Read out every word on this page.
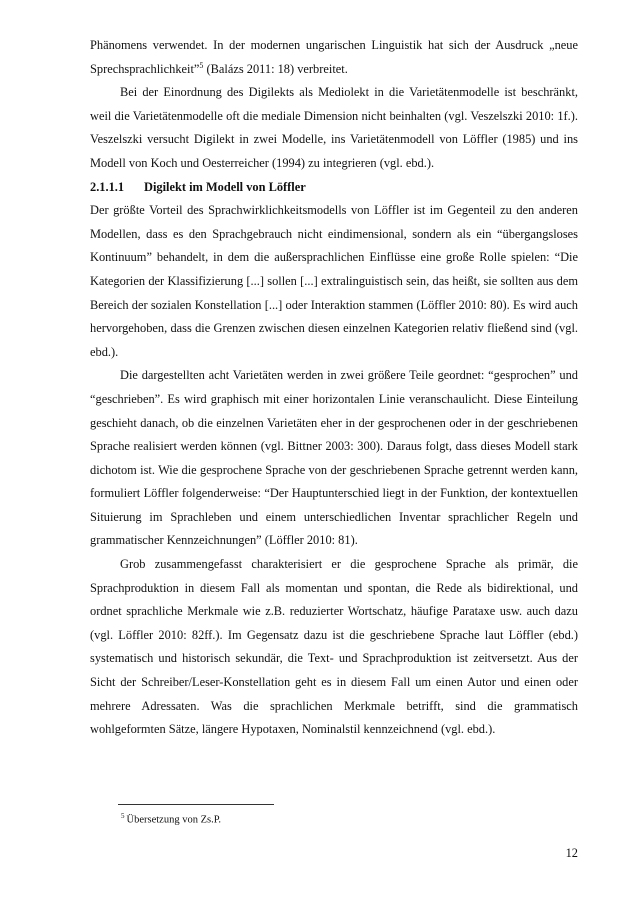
Phänomens verwendet. In der modernen ungarischen Linguistik hat sich der Ausdruck „neue Sprechsprachlichkeit”$^5$ (Balázs 2011: 18) verbreitet.

Bei der Einordnung des Digilekts als Mediolekt in die Varietätenmodelle ist beschränkt, weil die Varietätenmodelle oft die mediale Dimension nicht beinhalten (vgl. Veszelszki 2010: 1f.). Veszelszki versucht Digilekt in zwei Modelle, ins Varietätenmodell von Löffler (1985) und ins Modell von Koch und Oesterreicher (1994) zu integrieren (vgl. ebd.).

2.1.1.1 Digilekt im Modell von Löffler

Der größte Vorteil des Sprachwirklichkeitsmodells von Löffler ist im Gegenteil zu den anderen Modellen, dass es den Sprachgebrauch nicht eindimensional, sondern als ein “übergangsloses Kontinuum” behandelt, in dem die außersprachlichen Einflüsse eine große Rolle spielen: “Die Kategorien der Klassifizierung [...] sollen [...] extralinguistisch sein, das heißt, sie sollten aus dem Bereich der sozialen Konstellation [...] oder Interaktion stammen (Löffler 2010: 80). Es wird auch hervorgehoben, dass die Grenzen zwischen diesen einzelnen Kategorien relativ fließend sind (vgl. ebd.).

Die dargestellten acht Varietäten werden in zwei größere Teile geordnet: “gesprochen” und “geschrieben”. Es wird graphisch mit einer horizontalen Linie veranschaulicht. Diese Einteilung geschieht danach, ob die einzelnen Varietäten eher in der gesprochenen oder in der geschriebenen Sprache realisiert werden können (vgl. Bittner 2003: 300). Daraus folgt, dass dieses Modell stark dichotom ist. Wie die gesprochene Sprache von der geschriebenen Sprache getrennt werden kann, formuliert Löffler folgenderweise: “Der Hauptunterschied liegt in der Funktion, der kontextuellen Situierung im Sprachleben und einem unterschiedlichen Inventar sprachlicher Regeln und grammatischer Kennzeichnungen” (Löffler 2010: 81).

Grob zusammengefasst charakterisiert er die gesprochene Sprache als primär, die Sprachproduktion in diesem Fall als momentan und spontan, die Rede als bidirektional, und ordnet sprachliche Merkmale wie z.B. reduzierter Wortschatz, häufige Parataxe usw. auch dazu (vgl. Löffler 2010: 82ff.). Im Gegensatz dazu ist die geschriebene Sprache laut Löffler (ebd.) systematisch und historisch sekundär, die Text- und Sprachproduktion ist zeitversetzt. Aus der Sicht der Schreiber/Leser-Konstellation geht es in diesem Fall um einen Autor und einen oder mehrere Adressaten. Was die sprachlichen Merkmale betrifft, sind die grammatisch wohlgeformten Sätze, längere Hypotaxen, Nominalstil kennzeichnend (vgl. ebd.).

$^5$ Übersetzung von Zs.P.
12
